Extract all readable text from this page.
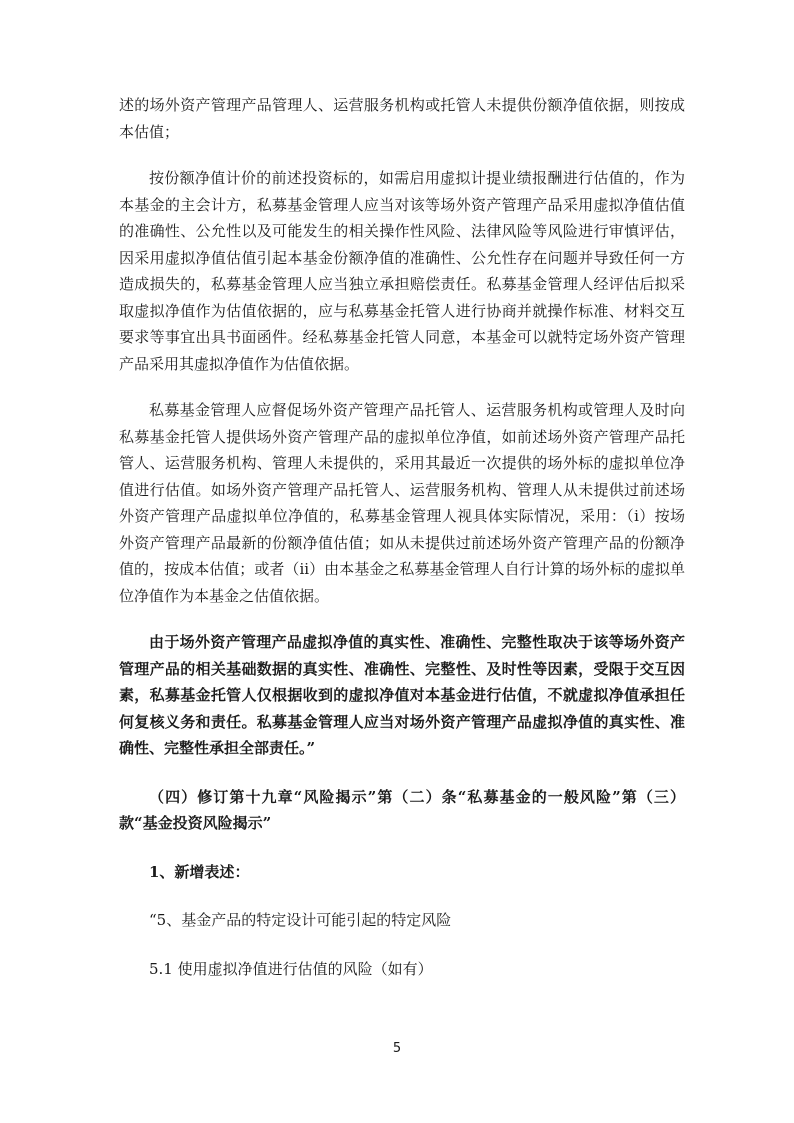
述的场外资产管理产品管理人、运营服务机构或托管人未提供份额净值依据，则按成本估值；

按份额净值计价的前述投资标的，如需启用虚拟计提业绩报酬进行估值的，作为本基金的主会计方，私募基金管理人应当对该等场外资产管理产品采用虚拟净值估值的准确性、公允性以及可能发生的相关操作性风险、法律风险等风险进行审慎评估，因采用虚拟净值估值引起本基金份额净值的准确性、公允性存在问题并导致任何一方造成损失的，私募基金管理人应当独立承担赔偿责任。私募基金管理人经评估后拟采取虚拟净值作为估值依据的，应与私募基金托管人进行协商并就操作标准、材料交互要求等事宜出具书面函件。经私募基金托管人同意，本基金可以就特定场外资产管理产品采用其虚拟净值作为估值依据。

私募基金管理人应督促场外资产管理产品托管人、运营服务机构或管理人及时向私募基金托管人提供场外资产管理产品的虚拟单位净值，如前述场外资产管理产品托管人、运营服务机构、管理人未提供的，采用其最近一次提供的场外标的虚拟单位净值进行估值。如场外资产管理产品托管人、运营服务机构、管理人从未提供过前述场外资产管理产品虚拟单位净值的，私募基金管理人视具体实际情况，采用：（i）按场外资产管理产品最新的份额净值估值；如从未提供过前述场外资产管理产品的份额净值的，按成本估值；或者（ii）由本基金之私募基金管理人自行计算的场外标的虚拟单位净值作为本基金之估值依据。

由于场外资产管理产品虚拟净值的真实性、准确性、完整性取决于该等场外资产管理产品的相关基础数据的真实性、准确性、完整性、及时性等因素，受限于交互因素，私募基金托管人仅根据收到的虚拟净值对本基金进行估值，不就虚拟净值承担任何复核义务和责任。私募基金管理人应当对场外资产管理产品虚拟净值的真实性、准确性、完整性承担全部责任。”

（四）修订第十九章“风险揭示”第（二）条“私募基金的一般风险”第（三）款“基金投资风险揭示”

1、新增表述：

“5、基金产品的特定设计可能引起的特定风险

5.1 使用虚拟净值进行估值的风险（如有）

5
